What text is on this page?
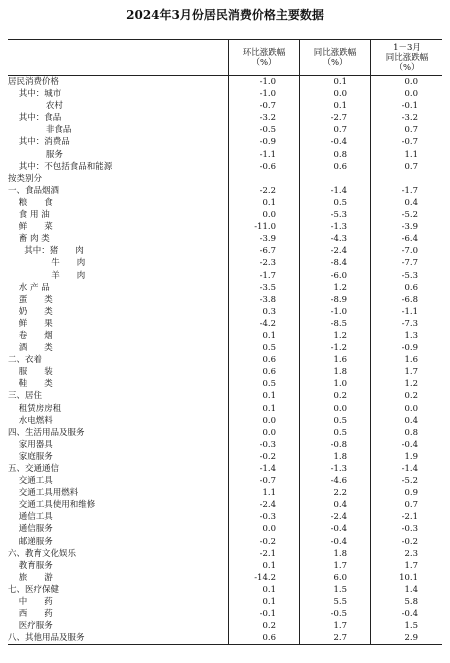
2024年3月份居民消费价格主要数据
环比涨跌幅
（%）
同比涨跌幅
（%）
1－3月
同比涨跌幅
（%）
居民消费价格	-1.0	0.1	0.0
其中：城市	-1.0	0.0	0.0
农村	-0.7	0.1	-0.1
其中：食品	-3.2	-2.7	-3.2
非食品	-0.5	0.7	0.7
其中：消费品	-0.9	-0.4	-0.7
服务	-1.1	0.8	1.1
其中：不包括食品和能源	-0.6	0.6	0.7
按类别分
一、食品烟酒	-2.2	-1.4	-1.7
粮　　食	0.1	0.5	0.4
食 用 油	0.0	-5.3	-5.2
鲜　　菜	-11.0	-1.3	-3.9
畜 肉 类	-3.9	-4.3	-6.4
其中：猪　　肉	-6.7	-2.4	-7.0
牛　　肉	-2.3	-8.4	-7.7
羊　　肉	-1.7	-6.0	-5.3
水 产 品	-3.5	1.2	0.6
蛋　　类	-3.8	-8.9	-6.8
奶　　类	0.3	-1.0	-1.1
鲜　　果	-4.2	-8.5	-7.3
卷　　烟	0.1	1.2	1.3
酒　　类	0.5	-1.2	-0.9
二、衣着	0.6	1.6	1.6
服　　装	0.6	1.8	1.7
鞋　　类	0.5	1.0	1.2
三、居住	0.1	0.2	0.2
租赁房房租	0.1	0.0	0.0
水电燃料	0.0	0.5	0.4
四、生活用品及服务	0.0	0.5	0.8
家用器具	-0.3	-0.8	-0.4
家庭服务	-0.2	1.8	1.9
五、交通通信	-1.4	-1.3	-1.4
交通工具	-0.7	-4.6	-5.2
交通工具用燃料	1.1	2.2	0.9
交通工具使用和维修	-2.4	0.4	0.7
通信工具	-0.3	-2.4	-2.1
通信服务	0.0	-0.4	-0.3
邮递服务	-0.2	-0.4	-0.2
六、教育文化娱乐	-2.1	1.8	2.3
教育服务	0.1	1.7	1.7
旅　　游	-14.2	6.0	10.1
七、医疗保健	0.1	1.5	1.4
中　　药	0.1	5.5	5.8
西　　药	-0.1	-0.5	-0.4
医疗服务	0.2	1.7	1.5
八、其他用品及服务	0.6	2.7	2.9
